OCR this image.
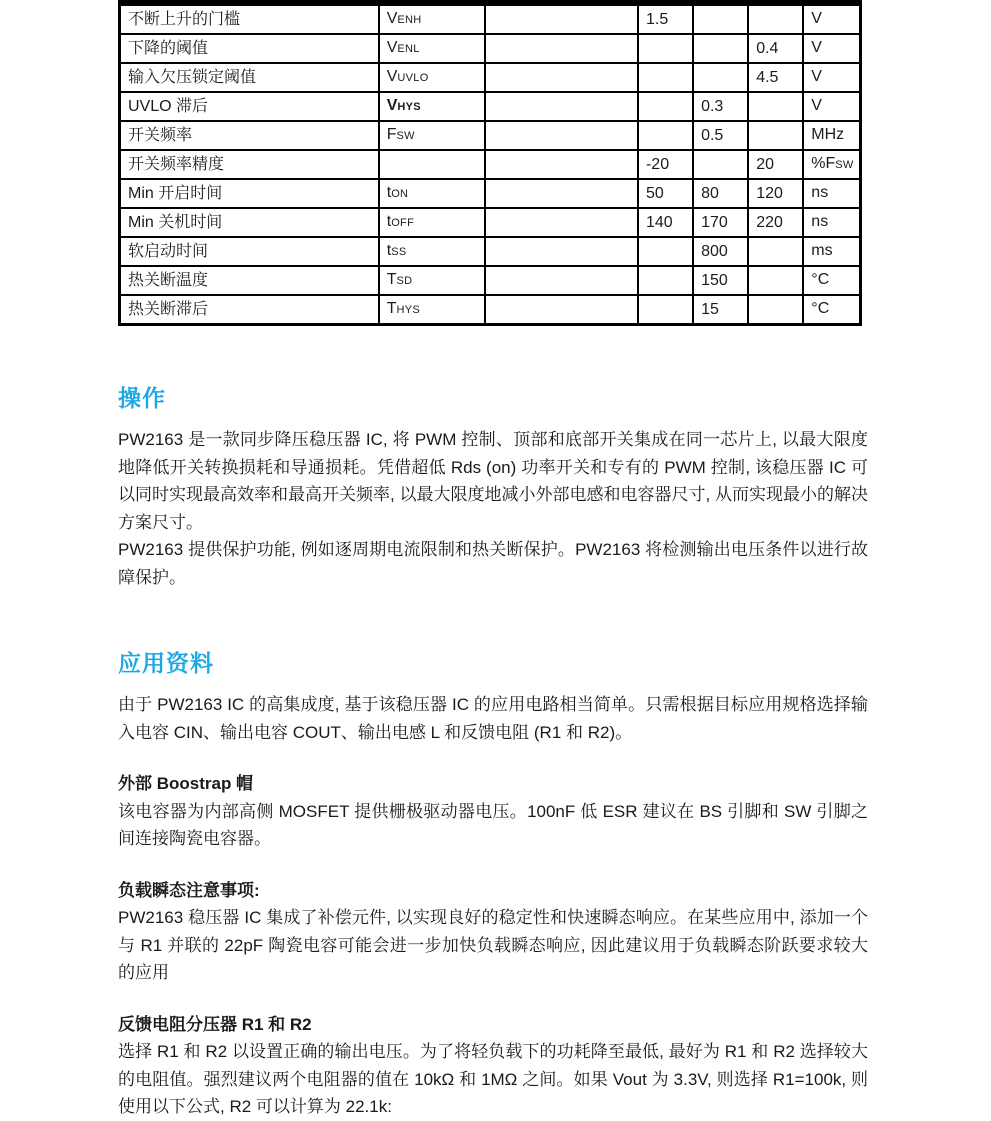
不断上升的门槛	VENH		1.5			V
下降的阈值	VENL				0.4	V
输入欠压锁定阈值	VUVLO				4.5	V
UVLO 滞后	VHYS			0.3		V
开关频率	FSW			0.5		MHz
开关频率精度			-20		20	%FSW
Min 开启时间	tON		50	80	120	ns
Min 关机时间	tOFF		140	170	220	ns
软启动时间	tSS			800		ms
热关断温度	TSD			150		°C
热关断滞后	THYS			15		°C
操作
PW2163 是一款同步降压稳压器 IC, 将 PWM 控制、顶部和底部开关集成在同一芯片上, 以最大限度地降低开关转换损耗和导通损耗。凭借超低 Rds (on) 功率开关和专有的 PWM 控制, 该稳压器 IC 可以同时实现最高效率和最高开关频率, 以最大限度地减小外部电感和电容器尺寸, 从而实现最小的解决方案尺寸。
PW2163 提供保护功能, 例如逐周期电流限制和热关断保护。PW2163 将检测输出电压条件以进行故障保护。
应用资料
由于 PW2163 IC 的高集成度, 基于该稳压器 IC 的应用电路相当简单。只需根据目标应用规格选择输入电容 CIN、输出电容 COUT、输出电感 L 和反馈电阻 (R1 和 R2)。
外部 Boostrap 帽
该电容器为内部高侧 MOSFET 提供栅极驱动器电压。100nF 低 ESR 建议在 BS 引脚和 SW 引脚之间连接陶瓷电容器。
负载瞬态注意事项:
PW2163 稳压器 IC 集成了补偿元件, 以实现良好的稳定性和快速瞬态响应。在某些应用中, 添加一个与 R1 并联的 22pF 陶瓷电容可能会进一步加快负载瞬态响应, 因此建议用于负载瞬态阶跃要求较大的应用
反馈电阻分压器 R1 和 R2
选择 R1 和 R2 以设置正确的输出电压。为了将轻负载下的功耗降至最低, 最好为 R1 和 R2 选择较大的电阻值。强烈建议两个电阻器的值在 10kΩ 和 1MΩ 之间。如果 Vout 为 3.3V, 则选择 R1=100k, 则使用以下公式, R2 可以计算为 22.1k:
